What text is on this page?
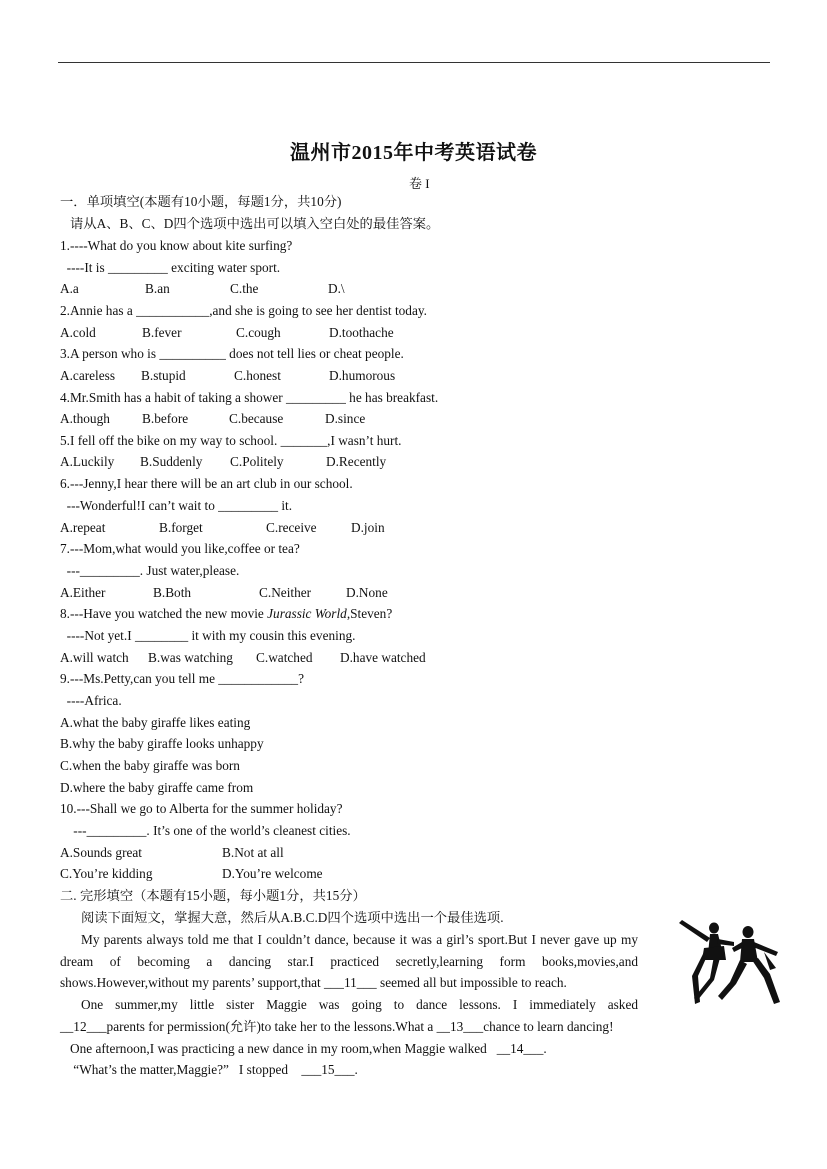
温州市2015年中考英语试卷
卷 I
一．单项填空(本题有10小题，每题1分，共10分)
请从A、B、C、D四个选项中选出可以填入空白处的最佳答案。
1.----What do you know about kite surfing?
----It is _________ exciting water sport.
A.a	B.an	C.the	D.\
2.Annie has a ___________,and she is going to see her dentist today.
A.cold	B.fever	C.cough	D.toothache
3.A person who is __________ does not tell lies or cheat people.
A.careless B.stupid	C.honest	D.humorous
4.Mr.Smith has a habit of taking a shower _________ he has breakfast.
A.though B.before	C.because	D.since
5.I fell off the bike on my way to school. _______,I wasn’t hurt.
A.Luckily B.Suddenly C.Politely	D.Recently
6.---Jenny,I hear there will be an art club in our school.
---Wonderful!I can’t wait to _________ it.
A.repeat	B.forget	C.receive	D.join
7.---Mom,what would you like,coffee or tea?
---_________. Just water,please.
A.Either	B.Both	C.Neither	D.None
8.---Have you watched the new movie Jurassic World,Steven?
----Not yet.I ________ it with my cousin this evening.
A.will watch B.was watching C.watched D.have watched
9.---Ms.Petty,can you tell me ____________?
----Africa.
A.what the baby giraffe likes eating
B.why the baby giraffe looks unhappy
C.when the baby giraffe was born
D.where the baby giraffe came from
10.---Shall we go to Alberta for the summer holiday?
---_________. It’s one of the world’s cleanest cities.
A.Sounds great	B.Not at all
C.You’re kidding	D.You’re welcome
二. 完形填空（本题有15小题，每小题1分，共15分）
阅读下面短文，掌握大意，然后从A.B.C.D四个选项中选出一个最佳选项.
My parents always told me that I couldn’t dance, because it was a girl’s sport.But I never gave up my dream of becoming a dancing star.I practiced secretly,learning form books,movies,and shows.However,without my parents’ support,that ___11___ seemed all but impossible to reach.
One summer,my little sister Maggie was going to dance lessons. I immediately asked
__12___parents for permission(允许)to take her to the lessons.What a __13___chance to learn dancing!
One afternoon,I was practicing a new dance in my room,when Maggie walked   __14___.
“What’s the matter,Maggie?”   I stopped    ___15___.
